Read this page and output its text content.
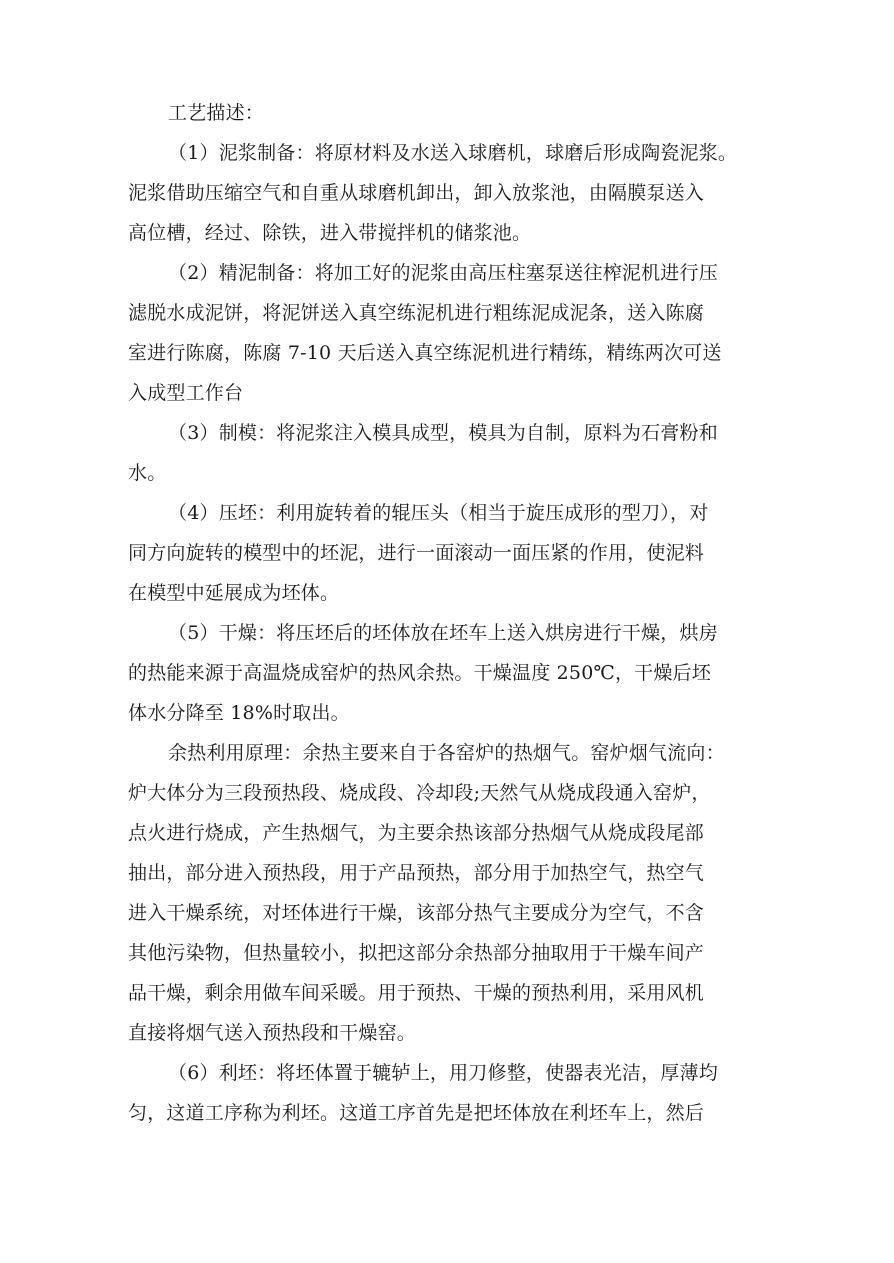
工艺描述：

（1）泥浆制备：将原材料及水送入球磨机，球磨后形成陶瓷泥浆。
泥浆借助压缩空气和自重从球磨机卸出，卸入放浆池，由隔膜泵送入
高位槽，经过、除铁，进入带搅拌机的储浆池。

（2）精泥制备：将加工好的泥浆由高压柱塞泵送往榨泥机进行压
滤脱水成泥饼，将泥饼送入真空练泥机进行粗练泥成泥条，送入陈腐
室进行陈腐，陈腐 7-10 天后送入真空练泥机进行精练，精练两次可送
入成型工作台

（3）制模：将泥浆注入模具成型，模具为自制，原料为石膏粉和
水。

（4）压坯：利用旋转着的辊压头（相当于旋压成形的型刀），对
同方向旋转的模型中的坯泥，进行一面滚动一面压紧的作用，使泥料
在模型中延展成为坯体。

（5）干燥：将压坯后的坯体放在坯车上送入烘房进行干燥，烘房
的热能来源于高温烧成窑炉的热风余热。干燥温度 250℃，干燥后坯
体水分降至 18%时取出。

余热利用原理：余热主要来自于各窑炉的热烟气。窑炉烟气流向：
炉大体分为三段预热段、烧成段、冷却段;天然气从烧成段通入窑炉，
点火进行烧成，产生热烟气，为主要余热该部分热烟气从烧成段尾部
抽出，部分进入预热段，用于产品预热，部分用于加热空气，热空气
进入干燥系统，对坯体进行干燥，该部分热气主要成分为空气，不含
其他污染物，但热量较小，拟把这部分余热部分抽取用于干燥车间产
品干燥，剩余用做车间采暖。用于预热、干燥的预热利用，采用风机
直接将烟气送入预热段和干燥窑。

（6）利坯：将坯体置于辘轳上，用刀修整，使器表光洁，厚薄均
匀，这道工序称为利坯。这道工序首先是把坯体放在利坯车上，然后
